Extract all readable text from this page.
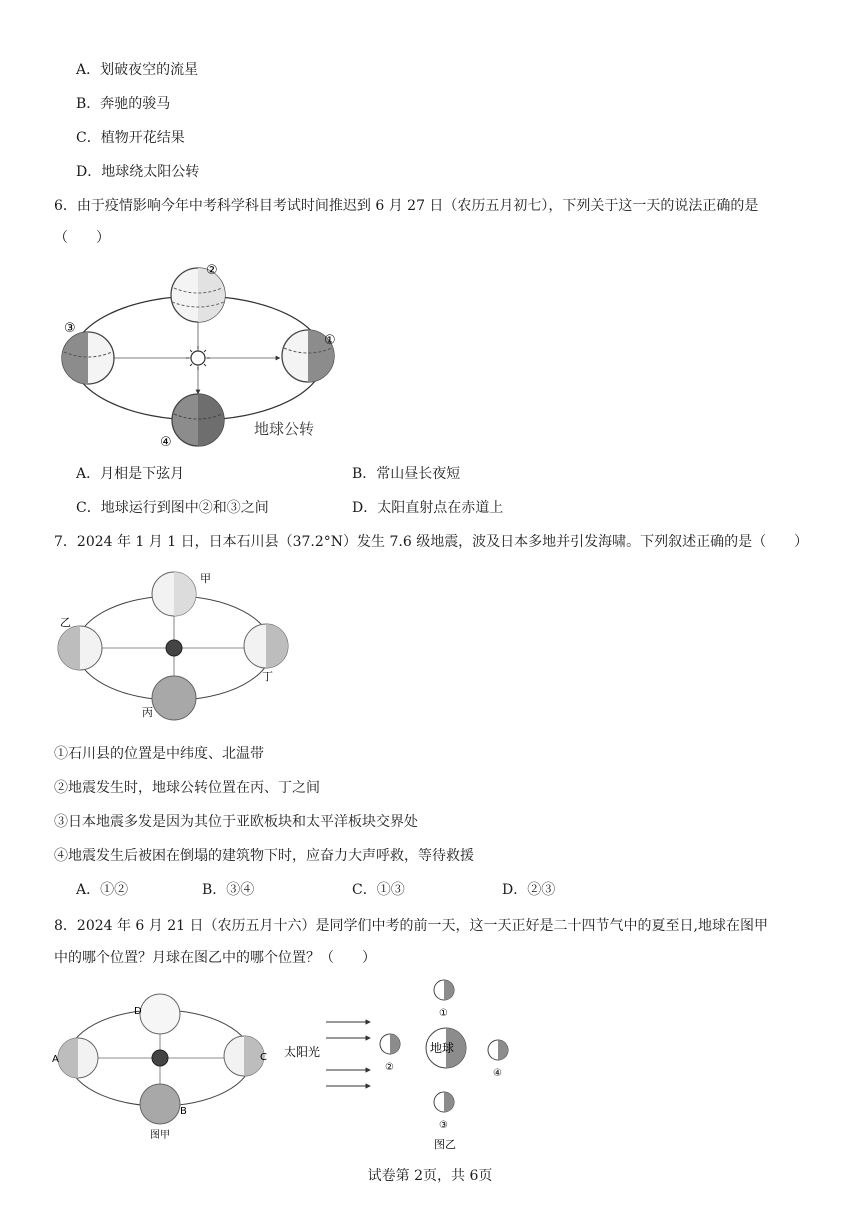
A．划破夜空的流星
B．奔驰的骏马
C．植物开花结果
D．地球绕太阳公转
6．由于疫情影响今年中考科学科目考试时间推迟到 6 月 27 日（农历五月初七），下列关于这一天的说法正确的是
（　　）
②
①
③
④
地球公转
A．月相是下弦月	B．常山昼长夜短
C．地球运行到图中②和③之间	D．太阳直射点在赤道上
7．2024 年 1 月 1 日，日本石川县（37.2°N）发生 7.6 级地震，波及日本多地并引发海啸。下列叙述正确的是（　　）
甲
乙
丁
丙
①石川县的位置是中纬度、北温带
②地震发生时，地球公转位置在丙、丁之间
③日本地震多发是因为其位于亚欧板块和太平洋板块交界处
④地震发生后被困在倒塌的建筑物下时，应奋力大声呼救，等待救援
A．①②	B．③④	C．①③	D．②③
8．2024 年 6 月 21 日（农历五月十六）是同学们中考的前一天，这一天正好是二十四节气中的夏至日,地球在图甲
中的哪个位置？月球在图乙中的哪个位置？（　　）
D
A	C
B
图甲
太阳光	地球
①
②
④
③
图乙
试卷第 2页，共 6页
